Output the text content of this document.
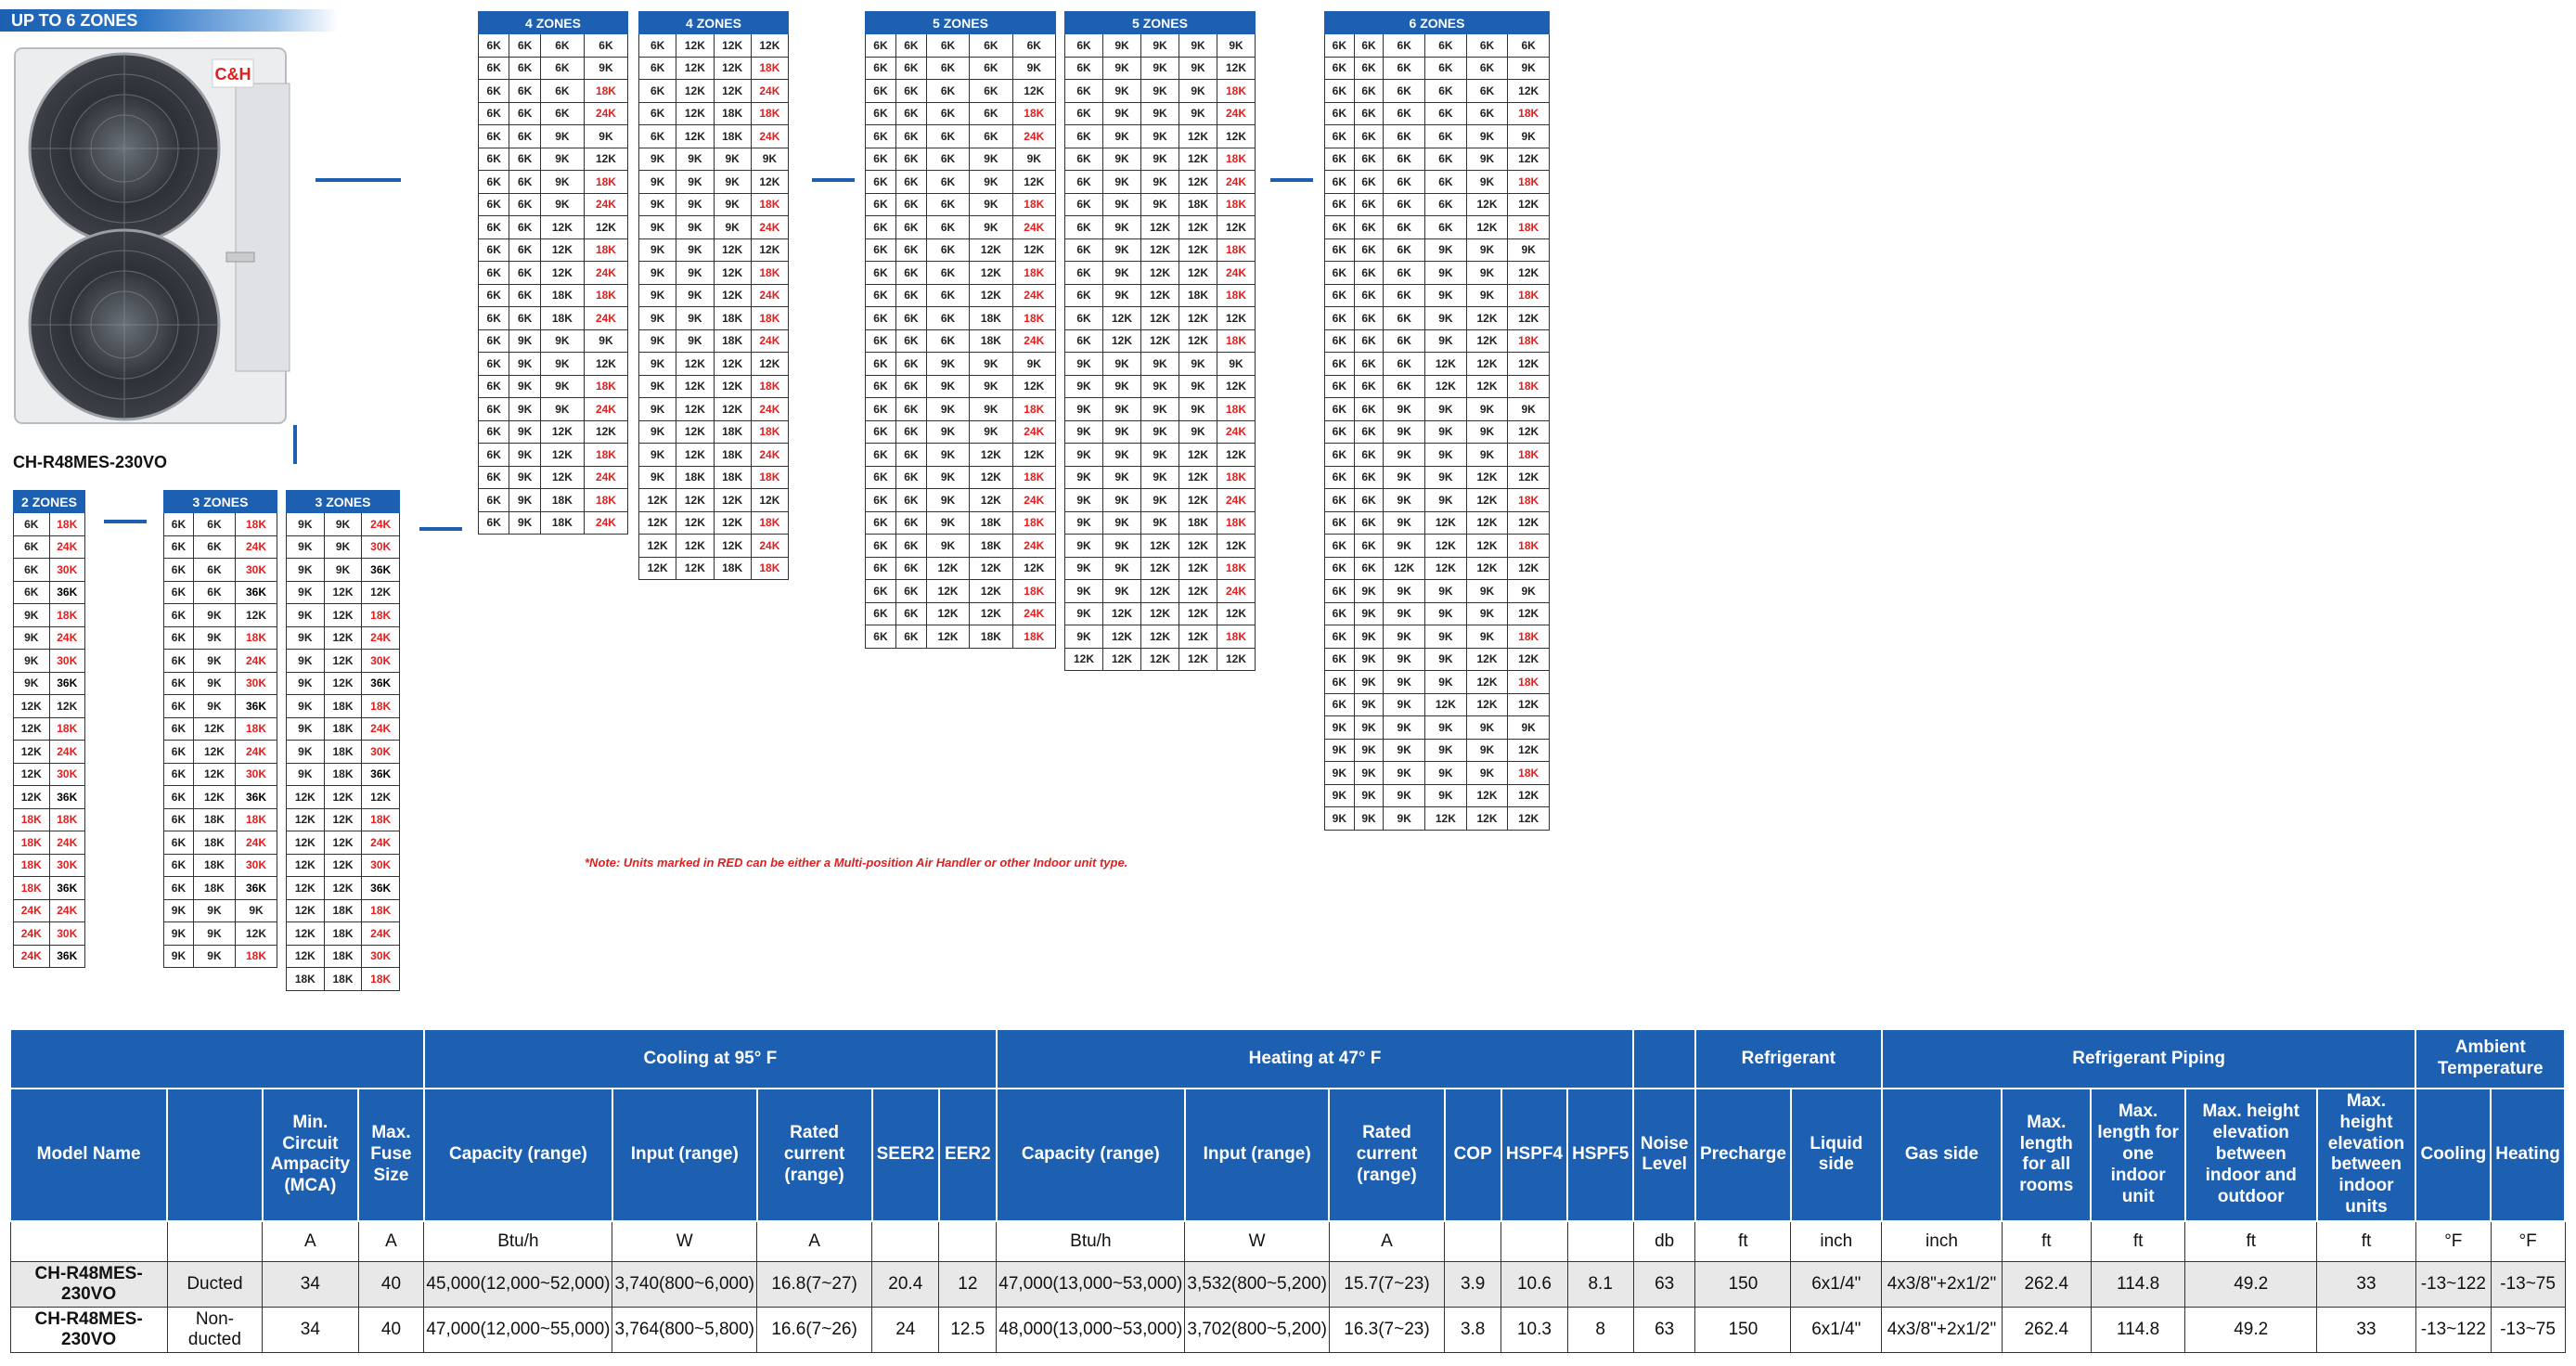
UP TO 6 ZONES
C&H
CH-R48MES-230VO
2 ZONES	
6K	18K
6K	24K
6K	30K
6K	36K
9K	18K
9K	24K
9K	30K
9K	36K
12K	12K
12K	18K
12K	24K
12K	30K
12K	36K
18K	18K
18K	24K
18K	30K
18K	36K
24K	24K
24K	30K
24K	36K
3 ZONES		
6K	6K	18K
6K	6K	24K
6K	6K	30K
6K	6K	36K
6K	9K	12K
6K	9K	18K
6K	9K	24K
6K	9K	30K
6K	9K	36K
6K	12K	18K
6K	12K	24K
6K	12K	30K
6K	12K	36K
6K	18K	18K
6K	18K	24K
6K	18K	30K
6K	18K	36K
9K	9K	9K
9K	9K	12K
9K	9K	18K
3 ZONES		
9K	9K	24K
9K	9K	30K
9K	9K	36K
9K	12K	12K
9K	12K	18K
9K	12K	24K
9K	12K	30K
9K	12K	36K
9K	18K	18K
9K	18K	24K
9K	18K	30K
9K	18K	36K
12K	12K	12K
12K	12K	18K
12K	12K	24K
12K	12K	30K
12K	12K	36K
12K	18K	18K
12K	18K	24K
12K	18K	30K
18K	18K	18K
4 ZONES			
6K	6K	6K	6K
6K	6K	6K	9K
6K	6K	6K	18K
6K	6K	6K	24K
6K	6K	9K	9K
6K	6K	9K	12K
6K	6K	9K	18K
6K	6K	9K	24K
6K	6K	12K	12K
6K	6K	12K	18K
6K	6K	12K	24K
6K	6K	18K	18K
6K	6K	18K	24K
6K	9K	9K	9K
6K	9K	9K	12K
6K	9K	9K	18K
6K	9K	9K	24K
6K	9K	12K	12K
6K	9K	12K	18K
6K	9K	12K	24K
6K	9K	18K	18K
6K	9K	18K	24K
4 ZONES			
6K	12K	12K	12K
6K	12K	12K	18K
6K	12K	12K	24K
6K	12K	18K	18K
6K	12K	18K	24K
9K	9K	9K	9K
9K	9K	9K	12K
9K	9K	9K	18K
9K	9K	9K	24K
9K	9K	12K	12K
9K	9K	12K	18K
9K	9K	12K	24K
9K	9K	18K	18K
9K	9K	18K	24K
9K	12K	12K	12K
9K	12K	12K	18K
9K	12K	12K	24K
9K	12K	18K	18K
9K	12K	18K	24K
9K	18K	18K	18K
12K	12K	12K	12K
12K	12K	12K	18K
12K	12K	12K	24K
12K	12K	18K	18K
5 ZONES				
6K	6K	6K	6K	6K
6K	6K	6K	6K	9K
6K	6K	6K	6K	12K
6K	6K	6K	6K	18K
6K	6K	6K	6K	24K
6K	6K	6K	9K	9K
6K	6K	6K	9K	12K
6K	6K	6K	9K	18K
6K	6K	6K	9K	24K
6K	6K	6K	12K	12K
6K	6K	6K	12K	18K
6K	6K	6K	12K	24K
6K	6K	6K	18K	18K
6K	6K	6K	18K	24K
6K	6K	9K	9K	9K
6K	6K	9K	9K	12K
6K	6K	9K	9K	18K
6K	6K	9K	9K	24K
6K	6K	9K	12K	12K
6K	6K	9K	12K	18K
6K	6K	9K	12K	24K
6K	6K	9K	18K	18K
6K	6K	9K	18K	24K
6K	6K	12K	12K	12K
6K	6K	12K	12K	18K
6K	6K	12K	12K	24K
6K	6K	12K	18K	18K
5 ZONES				
6K	9K	9K	9K	9K
6K	9K	9K	9K	12K
6K	9K	9K	9K	18K
6K	9K	9K	9K	24K
6K	9K	9K	12K	12K
6K	9K	9K	12K	18K
6K	9K	9K	12K	24K
6K	9K	9K	18K	18K
6K	9K	12K	12K	12K
6K	9K	12K	12K	18K
6K	9K	12K	12K	24K
6K	9K	12K	18K	18K
6K	12K	12K	12K	12K
6K	12K	12K	12K	18K
9K	9K	9K	9K	9K
9K	9K	9K	9K	12K
9K	9K	9K	9K	18K
9K	9K	9K	9K	24K
9K	9K	9K	12K	12K
9K	9K	9K	12K	18K
9K	9K	9K	12K	24K
9K	9K	9K	18K	18K
9K	9K	12K	12K	12K
9K	9K	12K	12K	18K
9K	9K	12K	12K	24K
9K	12K	12K	12K	12K
9K	12K	12K	12K	18K
12K	12K	12K	12K	12K
6 ZONES					
6K	6K	6K	6K	6K	6K
6K	6K	6K	6K	6K	9K
6K	6K	6K	6K	6K	12K
6K	6K	6K	6K	6K	18K
6K	6K	6K	6K	9K	9K
6K	6K	6K	6K	9K	12K
6K	6K	6K	6K	9K	18K
6K	6K	6K	6K	12K	12K
6K	6K	6K	6K	12K	18K
6K	6K	6K	9K	9K	9K
6K	6K	6K	9K	9K	12K
6K	6K	6K	9K	9K	18K
6K	6K	6K	9K	12K	12K
6K	6K	6K	9K	12K	18K
6K	6K	6K	12K	12K	12K
6K	6K	6K	12K	12K	18K
6K	6K	9K	9K	9K	9K
6K	6K	9K	9K	9K	12K
6K	6K	9K	9K	9K	18K
6K	6K	9K	9K	12K	12K
6K	6K	9K	9K	12K	18K
6K	6K	9K	12K	12K	12K
6K	6K	9K	12K	12K	18K
6K	6K	12K	12K	12K	12K
6K	9K	9K	9K	9K	9K
6K	9K	9K	9K	9K	12K
6K	9K	9K	9K	9K	18K
6K	9K	9K	9K	12K	12K
6K	9K	9K	9K	12K	18K
6K	9K	9K	12K	12K	12K
9K	9K	9K	9K	9K	9K
9K	9K	9K	9K	9K	12K
9K	9K	9K	9K	9K	18K
9K	9K	9K	9K	12K	12K
9K	9K	9K	12K	12K	12K
*Note: Units marked in RED can be either a Multi-position Air Handler or other Indoor unit type.
				Cooling at 95° F					Heating at 47° F							Refrigerant		Refrigerant Piping					Ambient Temperature	
Model Name		Min. Circuit Ampacity (MCA)	Max. Fuse Size	Capacity (range)	Input (range)	Rated current (range)	SEER2	EER2	Capacity (range)	Input (range)	Rated current (range)	COP	HSPF4	HSPF5	Noise Level	Precharge	Liquid side	Gas side	Max. length for all rooms	Max. length for one indoor unit	Max. height elevation between indoor and outdoor	Max. height elevation between indoor units	Cooling	Heating
		A	A	Btu/h	W	A			Btu/h	W	A				db	ft	inch	inch	ft	ft	ft	ft	°F	°F
CH-R48MES-230VO	Ducted	34	40	45,000(12,000~52,000)	3,740(800~6,000)	16.8(7~27)	20.4	12	47,000(13,000~53,000)	3,532(800~5,200)	15.7(7~23)	3.9	10.6	8.1	63	150	6x1/4"	4x3/8"+2x1/2"	262.4	114.8	49.2	33	-13~122	-13~75
CH-R48MES-230VO	Non-ducted	34	40	47,000(12,000~55,000)	3,764(800~5,800)	16.6(7~26)	24	12.5	48,000(13,000~53,000)	3,702(800~5,200)	16.3(7~23)	3.8	10.3	8	63	150	6x1/4"	4x3/8"+2x1/2"	262.4	114.8	49.2	33	-13~122	-13~75
